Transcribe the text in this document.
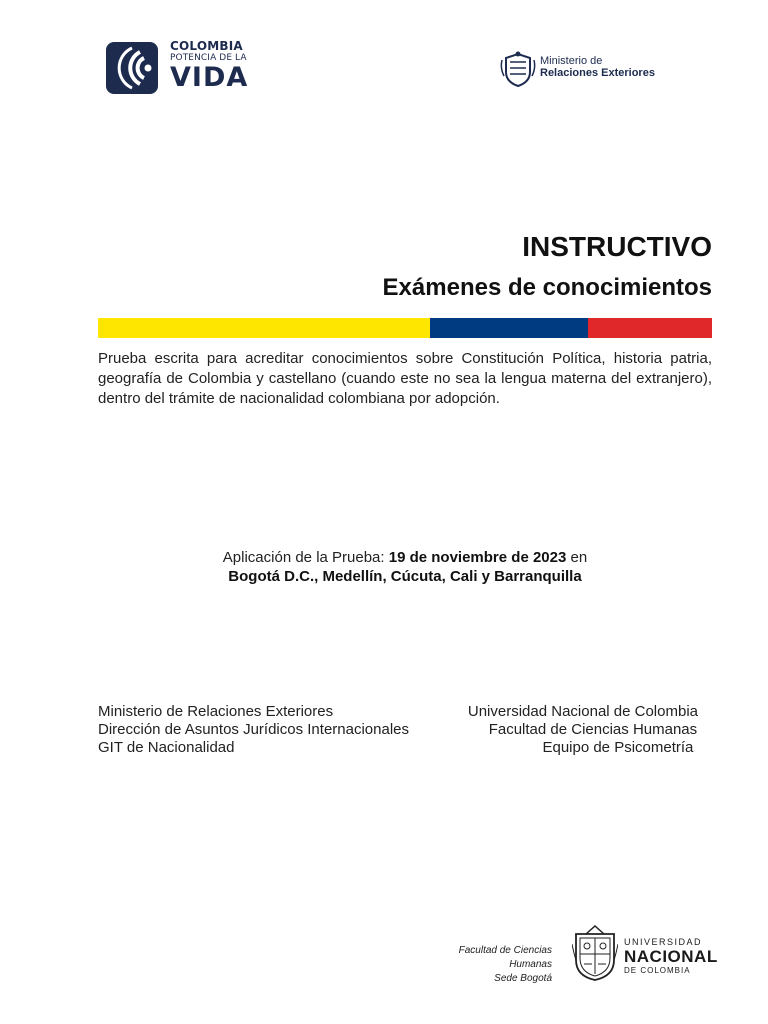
COLOMBIA
POTENCIA DE LA
VIDA
Ministerio de
Relaciones Exteriores
INSTRUCTIVO
Exámenes de conocimientos

Prueba escrita para acreditar conocimientos sobre Constitución Política, historia patria, geografía de Colombia y castellano (cuando este no sea la lengua materna del extranjero), dentro del trámite de nacionalidad colombiana por adopción.

Aplicación de la Prueba: 19 de noviembre de 2023 en
Bogotá D.C., Medellín, Cúcuta, Cali y Barranquilla
Ministerio de Relaciones Exteriores
Dirección de Asuntos Jurídicos Internacionales
GIT de Nacionalidad
Universidad Nacional de Colombia
Facultad de Ciencias Humanas
Equipo de Psicometría
Facultad de Ciencias
Humanas
Sede Bogotá
UNIVERSIDAD
NACIONAL
DE COLOMBIA
